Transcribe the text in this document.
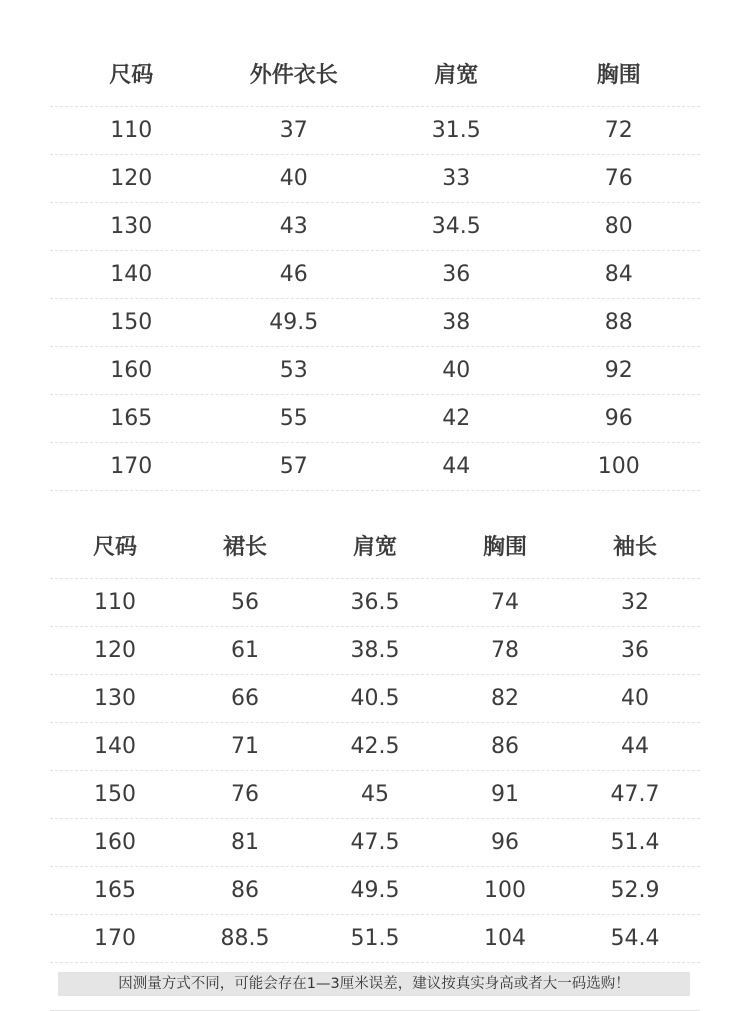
尺码	外件衣长	肩宽	胸围
110	37	31.5	72
120	40	33	76
130	43	34.5	80
140	46	36	84
150	49.5	38	88
160	53	40	92
165	55	42	96
170	57	44	100
尺码	裙长	肩宽	胸围	袖长
110	56	36.5	74	32
120	61	38.5	78	36
130	66	40.5	82	40
140	71	42.5	86	44
150	76	45	91	47.7
160	81	47.5	96	51.4
165	86	49.5	100	52.9
170	88.5	51.5	104	54.4
因测量方式不同，可能会存在1—3厘米误差，建议按真实身高或者大一码选购！
